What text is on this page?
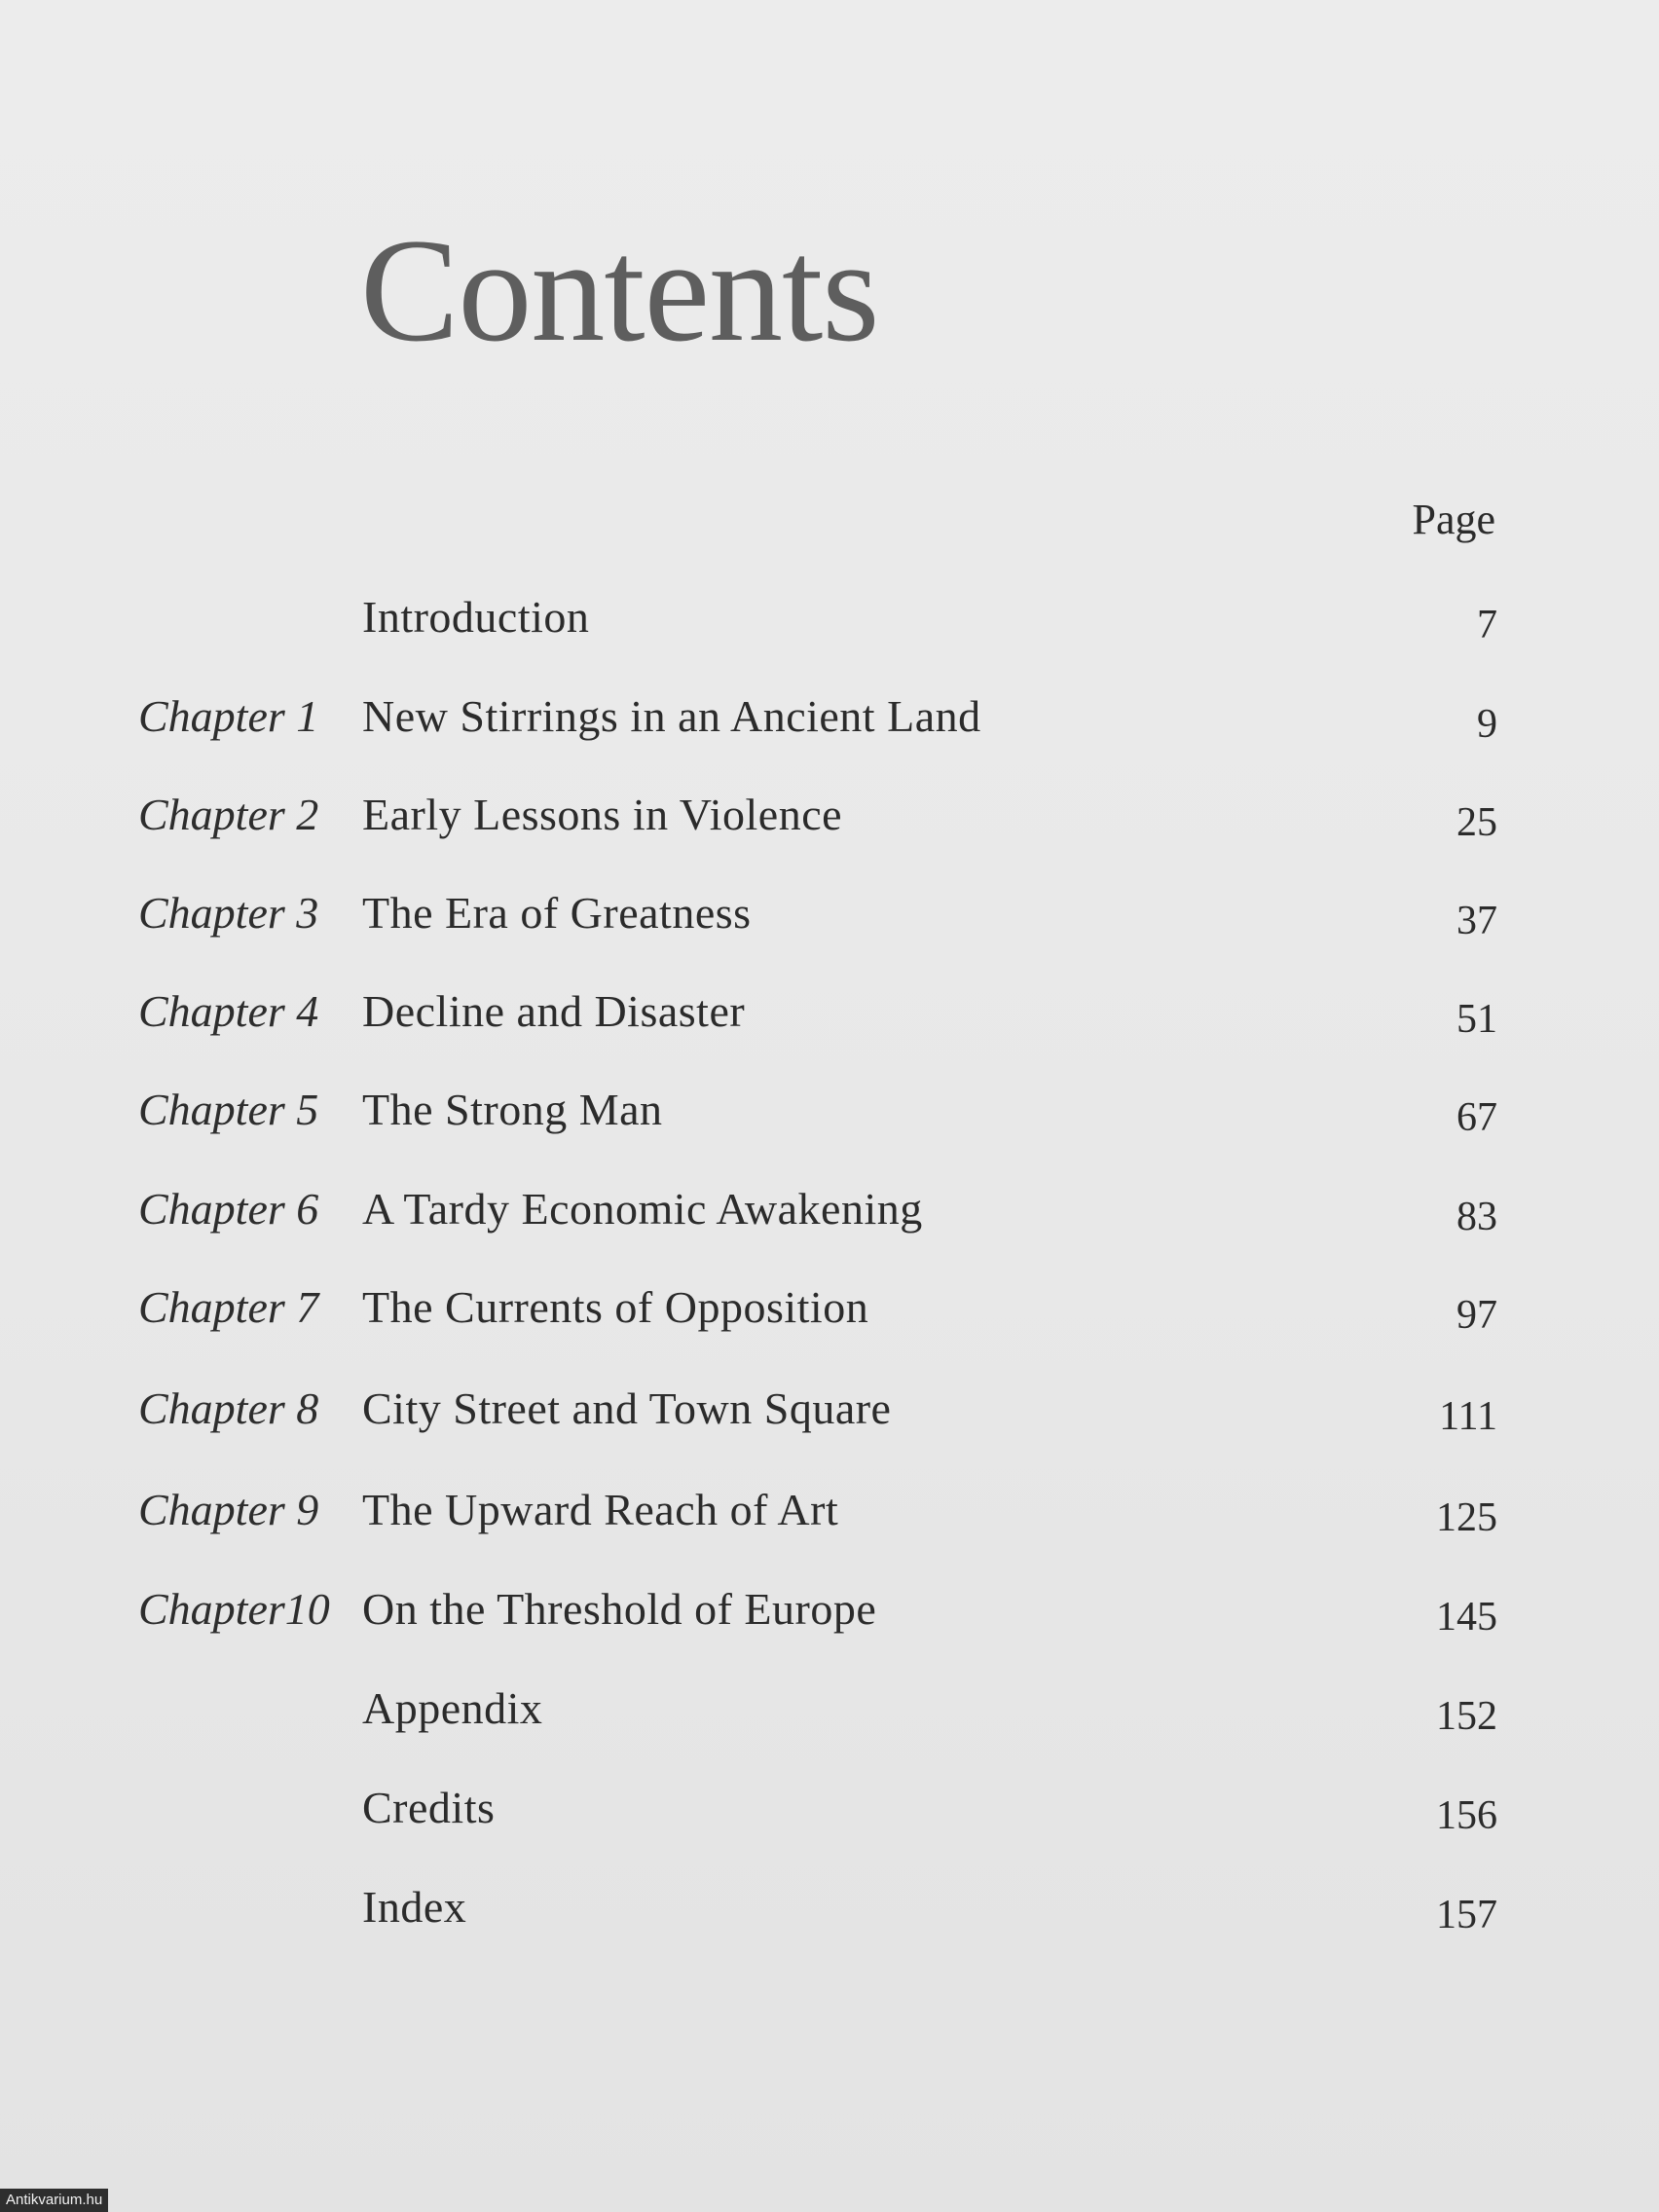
Contents
Page
Introduction	7
Chapter 1 New Stirrings in an Ancient Land	9
Chapter 2 Early Lessons in Violence	25
Chapter 3 The Era of Greatness	37
Chapter 4 Decline and Disaster	51
Chapter 5 The Strong Man	67
Chapter 6 A Tardy Economic Awakening	83
Chapter 7 The Currents of Opposition	97
Chapter 8 City Street and Town Square	111
Chapter 9 The Upward Reach of Art	125
Chapter10 On the Threshold of Europe	145
Appendix	152
Credits	156
Index	157
Antikvarium.hu
